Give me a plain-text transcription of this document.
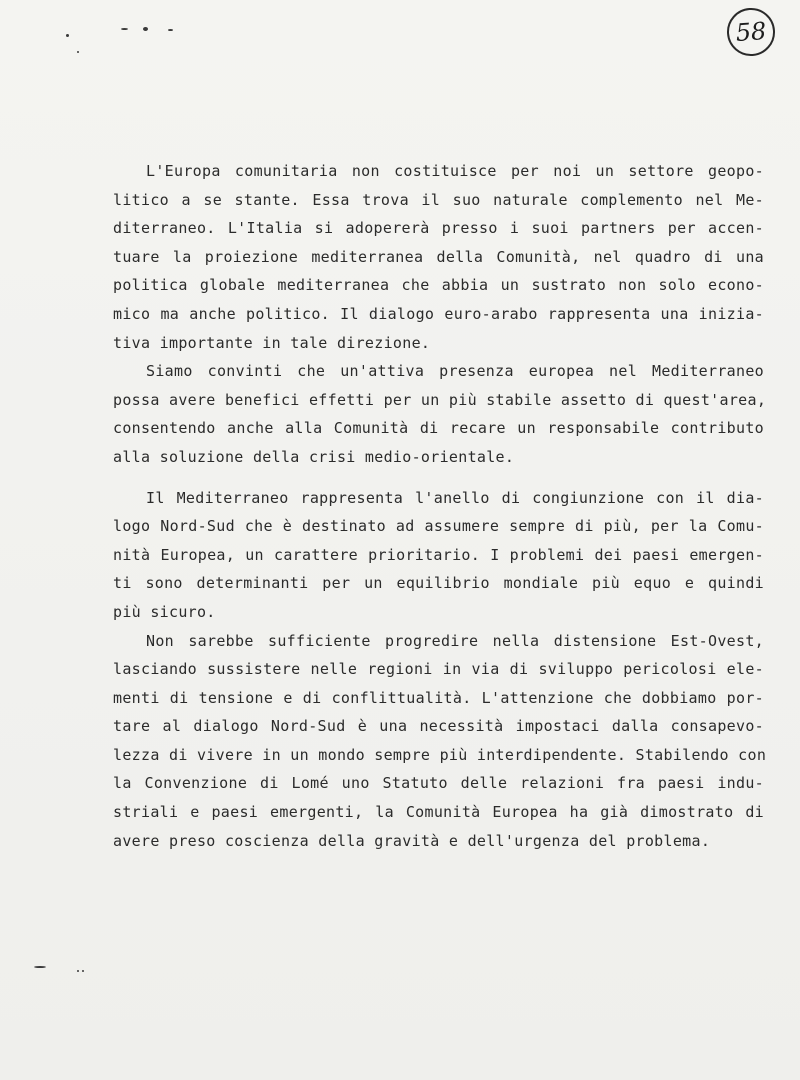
58
L'Europa comunitaria non costituisce per noi un settore geopo-
litico a se stante. Essa trova il suo naturale complemento nel Me-
diterraneo. L'Italia si adopererà presso i suoi partners per accen-
tuare la proiezione mediterranea della Comunità, nel quadro di una
politica globale mediterranea che abbia un sustrato non solo econo-
mico ma anche politico. Il dialogo euro-arabo rappresenta una inizia-
tiva importante in tale direzione.
Siamo convinti che un'attiva presenza europea nel Mediterraneo
possa avere benefici effetti per un più stabile assetto di quest'area,
consentendo anche alla Comunità di recare un responsabile contributo
alla soluzione della crisi medio-orientale.
Il Mediterraneo rappresenta l'anello di congiunzione con il dia-
logo Nord-Sud che è destinato ad assumere sempre di più, per la Comu-
nità Europea, un carattere prioritario. I problemi dei paesi emergen-
ti sono determinanti per un equilibrio mondiale più equo e quindi
più sicuro.
Non sarebbe sufficiente progredire nella distensione Est-Ovest,
lasciando sussistere nelle regioni in via di sviluppo pericolosi ele-
menti di tensione e di conflittualità. L'attenzione che dobbiamo por-
tare al dialogo Nord-Sud è una necessità impostaci dalla consapevo-
lezza di vivere in un mondo sempre più interdipendente. Stabilendo con
la Convenzione di Lomé uno Statuto delle relazioni fra paesi indu-
striali e paesi emergenti, la Comunità Europea ha già dimostrato di
avere preso coscienza della gravità e dell'urgenza del problema.
